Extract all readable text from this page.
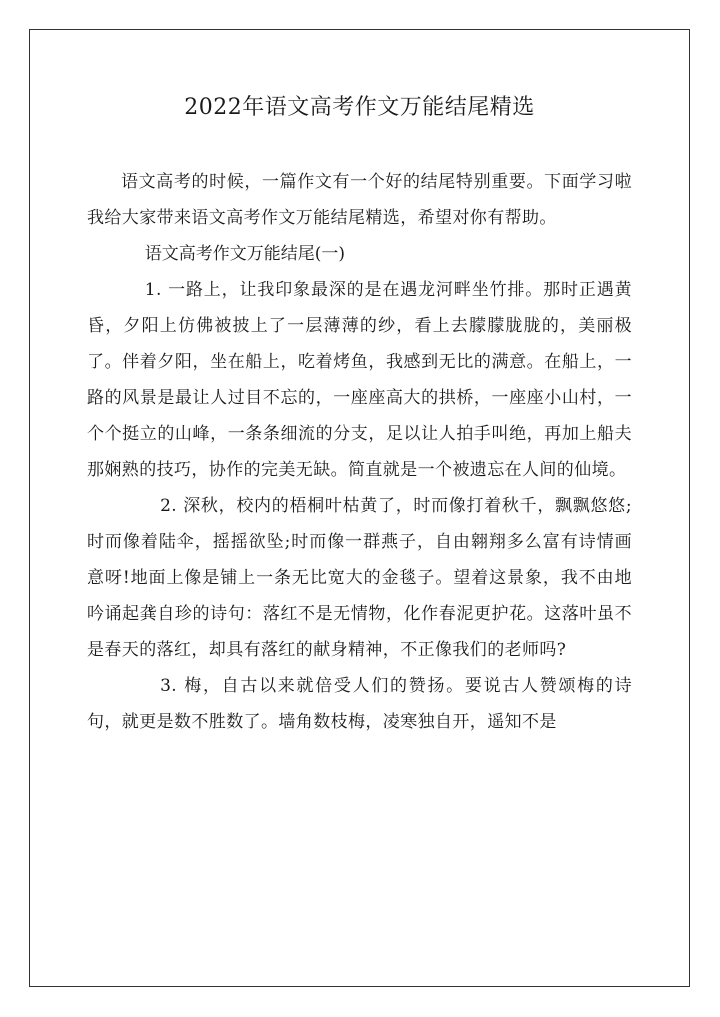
2022年语文高考作文万能结尾精选

语文高考的时候，一篇作文有一个好的结尾特别重要。下面学习啦我给大家带来语文高考作文万能结尾精选，希望对你有帮助。

语文高考作文万能结尾(一)

1. 一路上，让我印象最深的是在遇龙河畔坐竹排。那时正遇黄昏，夕阳上仿佛被披上了一层薄薄的纱，看上去朦朦胧胧的，美丽极了。伴着夕阳，坐在船上，吃着烤鱼，我感到无比的满意。在船上，一路的风景是最让人过目不忘的，一座座高大的拱桥，一座座小山村，一个个挺立的山峰，一条条细流的分支，足以让人拍手叫绝，再加上船夫那娴熟的技巧，协作的完美无缺。简直就是一个被遗忘在人间的仙境。

2. 深秋，校内的梧桐叶枯黄了，时而像打着秋千，飘飘悠悠;时而像着陆伞，摇摇欲坠;时而像一群燕子，自由翱翔多么富有诗情画意呀!地面上像是铺上一条无比宽大的金毯子。望着这景象，我不由地吟诵起龚自珍的诗句：落红不是无情物，化作春泥更护花。这落叶虽不是春天的落红，却具有落红的献身精神，不正像我们的老师吗?

3. 梅，自古以来就倍受人们的赞扬。要说古人赞颂梅的诗句，就更是数不胜数了。墙角数枝梅，凌寒独自开，遥知不是
